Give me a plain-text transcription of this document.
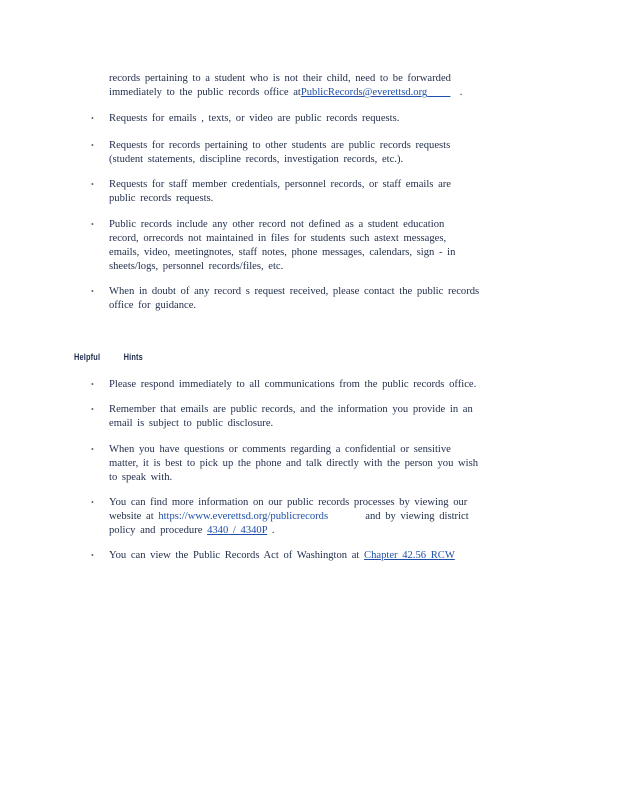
records pertaining to a student who is not their child, need to be forwarded
immediately to the public records office atPublicRecords@everettsd.org	.
• Requests for emails , texts, or video are public records requests.
• Requests for records pertaining to other students are public records requests
(student statements, discipline records, investigation records, etc.).
• Requests for staff member credentials, personnel records, or staff emails are
public records requests.
• Public records include any other record not defined as a student education
record, orrecords not maintained in files for students such astext messages,
emails, video, meetingnotes, staff notes, phone messages, calendars, sign - in
sheets/logs, personnel records/files, etc.
• When in doubt of any record s request received, please contact the public records
office for guidance.
Helpful Hints
• Please respond immediately to all communications from the public records office.
• Remember that emails are public records, and the information you provide in an
email is subject to public disclosure.
• When you have questions or comments regarding a confidential or sensitive
matter, it is best to pick up the phone and talk directly with the person you wish
to speak with.
• You can find more information on our public records processes by viewing our
website at https://www.everettsd.org/publicrecords	and by viewing district
policy and procedure 4340 / 4340P .
• You can view the Public Records Act of Washington at Chapter 42.56 RCW
